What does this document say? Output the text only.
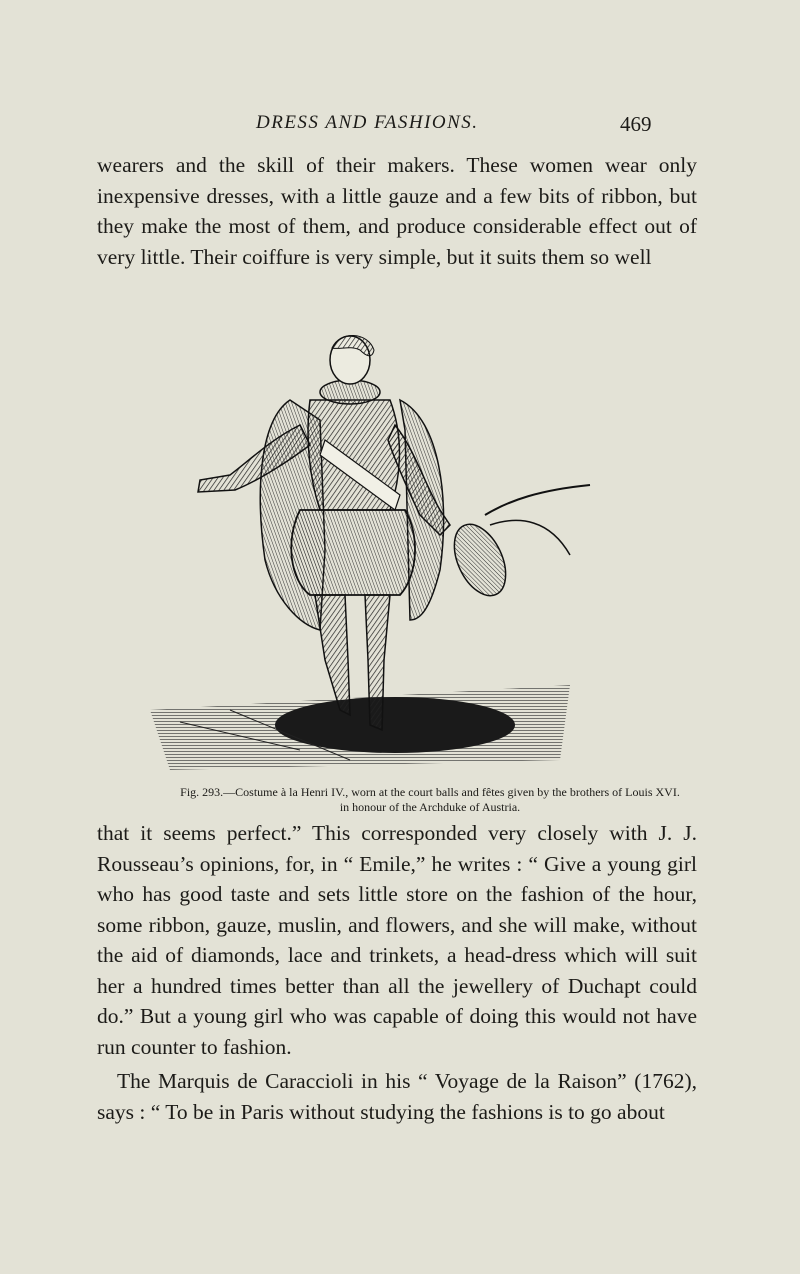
DRESS AND FASHIONS.	469

wearers and the skill of their makers. These women wear only inexpensive dresses, with a little gauze and a few bits of ribbon, but they make the most of them, and produce considerable effect out of very little. Their coiffure is very simple, but it suits them so well

Fig. 293.—Costume à la Henri IV., worn at the court balls and fêtes given by the brothers of Louis XVI.
in honour of the Archduke of Austria.

that it seems perfect.” This corresponded very closely with J. J. Rousseau’s opinions, for, in “ Emile,” he writes : “ Give a young girl who has good taste and sets little store on the fashion of the hour, some ribbon, gauze, muslin, and flowers, and she will make, without the aid of diamonds, lace and trinkets, a head-dress which will suit her a hundred times better than all the jewellery of Duchapt could do.” But a young girl who was capable of doing this would not have run counter to fashion.

The Marquis de Caraccioli in his “ Voyage de la Raison” (1762), says : “ To be in Paris without studying the fashions is to go about
